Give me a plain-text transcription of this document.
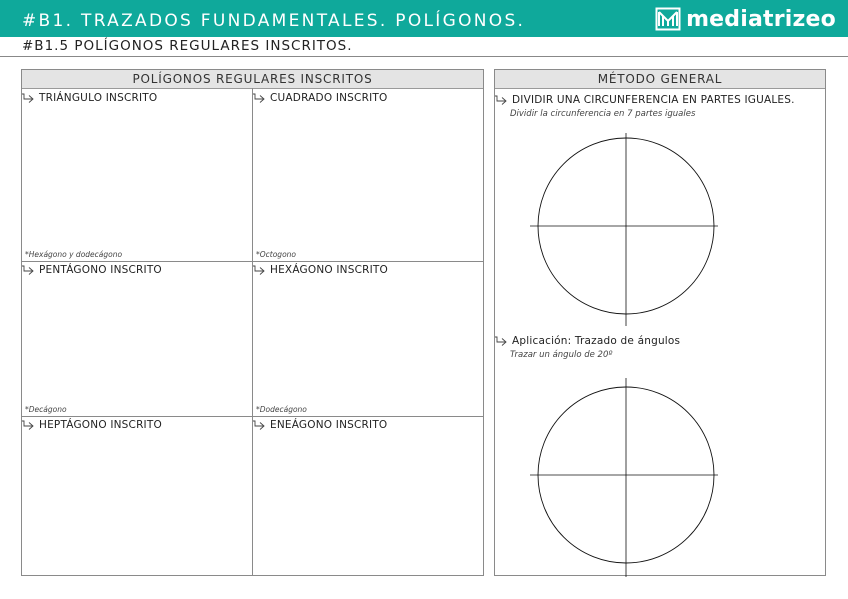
#B1. TRAZADOS FUNDAMENTALES. POLÍGONOS.	mediatrizeo
#B1.5 POLÍGONOS REGULARES INSCRITOS.
POLÍGONOS REGULARES INSCRITOS
TRIÁNGULO INSCRITO
*Hexágono y dodecágono
CUADRADO INSCRITO
*Octogono
PENTÁGONO INSCRITO
*Decágono
HEXÁGONO INSCRITO
*Dodecágono
HEPTÁGONO INSCRITO	ENEÁGONO INSCRITO
MÉTODO GENERAL
DIVIDIR UNA CIRCUNFERENCIA EN PARTES IGUALES.
Dividir la circunferencia en 7 partes iguales
Aplicación: Trazado de ángulos
Trazar un ángulo de 20º
